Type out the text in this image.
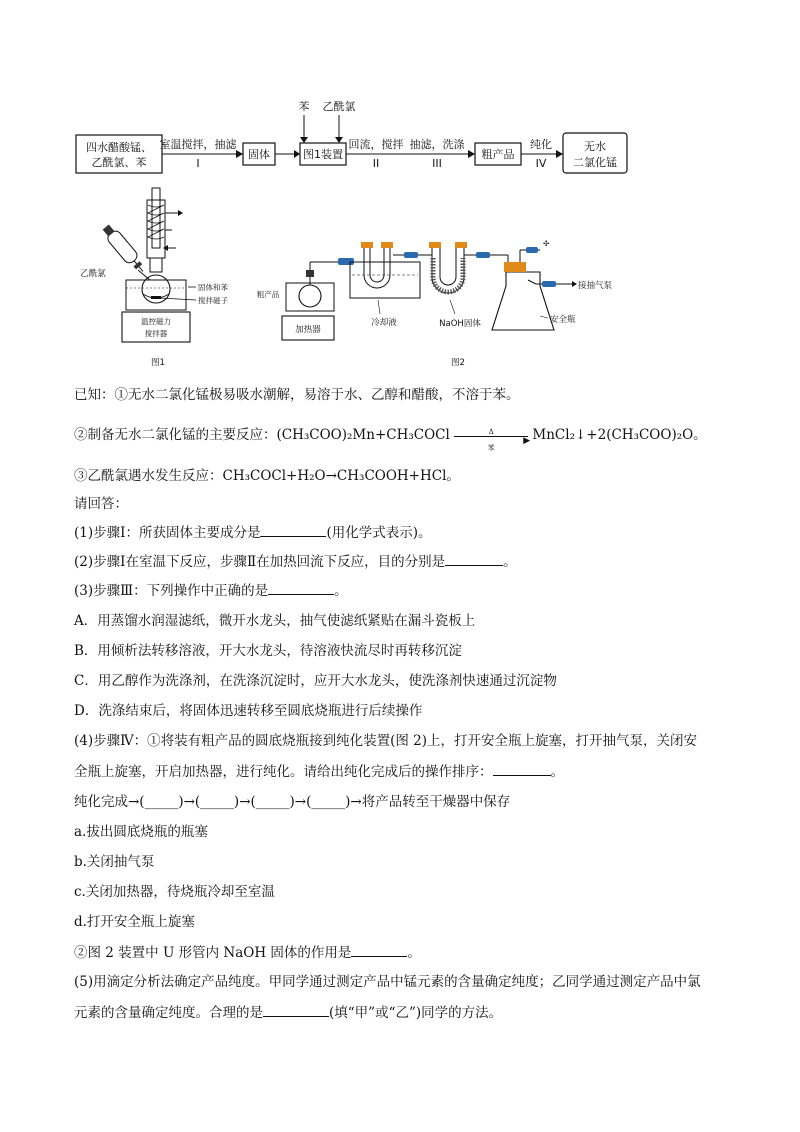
四水醋酸锰、
乙酰氯、苯
室温搅拌，抽滤
I
固体	图1装置
苯 乙酰氯
回流，搅拌
II
抽滤，洗涤
III
粗产品
纯化
IV
无水
二氯化锰
温控磁力
搅拌器
乙酰氯
固体和苯
搅拌磁子
图1
粗产品
加热器
冷却液	NaOH固体
✣
接抽气泵
安全瓶
图2
已知：①无水二氯化锰极易吸水潮解，易溶于水、乙醇和醋酸，不溶于苯。
②制备无水二氯化锰的主要反应：(CH₃COO)₂Mn+CH₃COCl	Δ
▶
苯
MnCl₂↓+2(CH₃COO)₂O。
③乙酰氯遇水发生反应：CH₃COCl+H₂O→CH₃COOH+HCl。
请回答：
(1)步骤Ⅰ：所获固体主要成分是	(用化学式表示)。
(2)步骤Ⅰ在室温下反应，步骤Ⅱ在加热回流下反应，目的分别是	。
(3)步骤Ⅲ：下列操作中正确的是	。
A．用蒸馏水润湿滤纸，微开水龙头，抽气使滤纸紧贴在漏斗瓷板上
B．用倾析法转移溶液，开大水龙头，待溶液快流尽时再转移沉淀
C．用乙醇作为洗涤剂，在洗涤沉淀时，应开大水龙头，使洗涤剂快速通过沉淀物
D．洗涤结束后，将固体迅速转移至圆底烧瓶进行后续操作
(4)步骤Ⅳ：①将装有粗产品的圆底烧瓶接到纯化装置(图 2)上，打开安全瓶上旋塞，打开抽气泵，关闭安
全瓶上旋塞，开启加热器，进行纯化。请给出纯化完成后的操作排序：	。
纯化完成→(_____)→(_____)→(_____)→(_____)→将产品转至干燥器中保存
a.拔出圆底烧瓶的瓶塞
b.关闭抽气泵
c.关闭加热器，待烧瓶冷却至室温
d.打开安全瓶上旋塞
②图 2 装置中 U 形管内 NaOH 固体的作用是	。
(5)用滴定分析法确定产品纯度。甲同学通过测定产品中锰元素的含量确定纯度；乙同学通过测定产品中氯
元素的含量确定纯度。合理的是	(填“甲”或“乙”)同学的方法。
